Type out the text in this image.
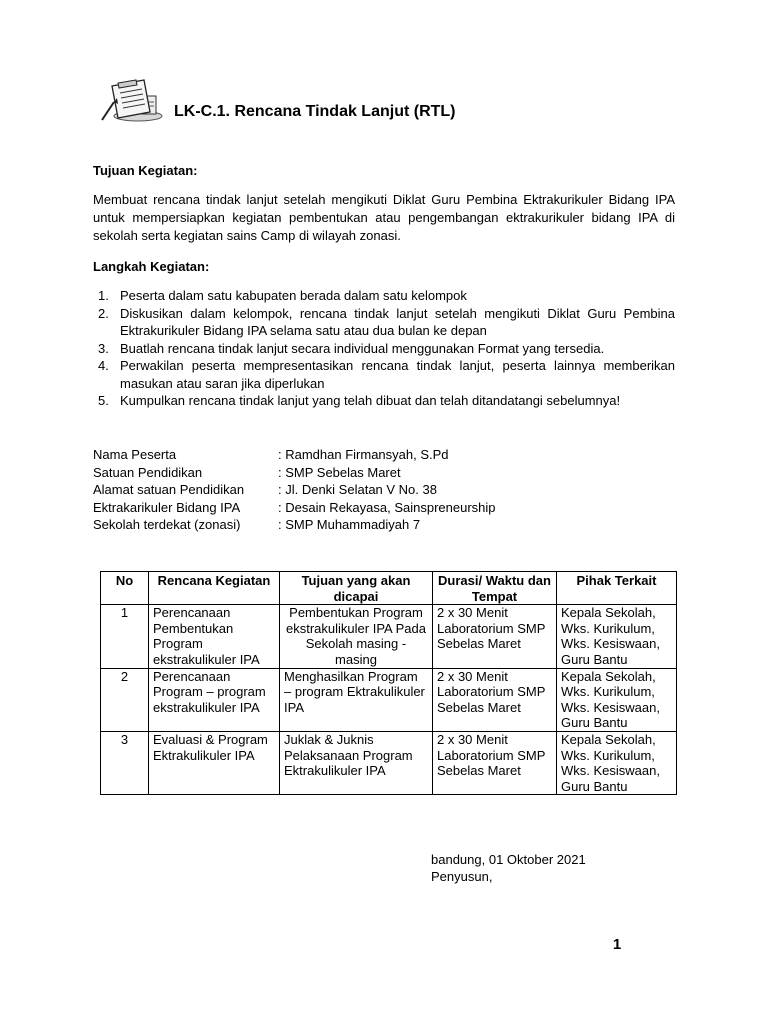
LK-C.1. Rencana Tindak Lanjut (RTL)
Tujuan Kegiatan:
Membuat rencana tindak lanjut setelah mengikuti Diklat Guru Pembina Ektrakurikuler Bidang IPA untuk mempersiapkan kegiatan pembentukan atau pengembangan ektrakurikuler bidang IPA di sekolah serta kegiatan sains Camp di wilayah zonasi.
Langkah Kegiatan:
1. Peserta dalam satu kabupaten berada dalam satu kelompok
2. Diskusikan dalam kelompok, rencana tindak lanjut setelah mengikuti Diklat Guru Pembina Ektrakurikuler Bidang IPA selama satu atau dua bulan ke depan
3. Buatlah rencana tindak lanjut secara individual menggunakan Format yang tersedia.
4. Perwakilan peserta mempresentasikan rencana tindak lanjut, peserta lainnya memberikan masukan atau saran jika diperlukan
5. Kumpulkan rencana tindak lanjut yang telah dibuat dan telah ditandatangi sebelumnya!
Nama Peserta	: Ramdhan Firmansyah, S.Pd
Satuan Pendidikan	: SMP Sebelas Maret
Alamat satuan Pendidikan	: Jl. Denki Selatan V No. 38
Ektrakarikuler Bidang IPA	: Desain Rekayasa, Sainspreneurship
Sekolah terdekat (zonasi)	: SMP Muhammadiyah 7
No	Rencana Kegiatan	Tujuan yang akan dicapai	Durasi/ Waktu dan Tempat	Pihak Terkait
1	Perencanaan Pembentukan Program ekstrakulikuler IPA	Pembentukan Program ekstrakulikuler IPA Pada Sekolah masing - masing	2 x 30 Menit Laboratorium SMP Sebelas Maret	Kepala Sekolah, Wks. Kurikulum, Wks. Kesiswaan, Guru Bantu
2	Perencanaan Program – program ekstrakulikuler IPA	Menghasilkan Program – program Ektrakulikuler IPA	2 x 30 Menit Laboratorium SMP Sebelas Maret	Kepala Sekolah, Wks. Kurikulum, Wks. Kesiswaan, Guru Bantu
3	Evaluasi & Program Ektrakulikuler IPA	Juklak & Juknis Pelaksanaan Program Ektrakulikuler IPA	2 x 30 Menit Laboratorium SMP Sebelas Maret	Kepala Sekolah, Wks. Kurikulum, Wks. Kesiswaan, Guru Bantu
bandung, 01 Oktober 2021
Penyusun,
1
